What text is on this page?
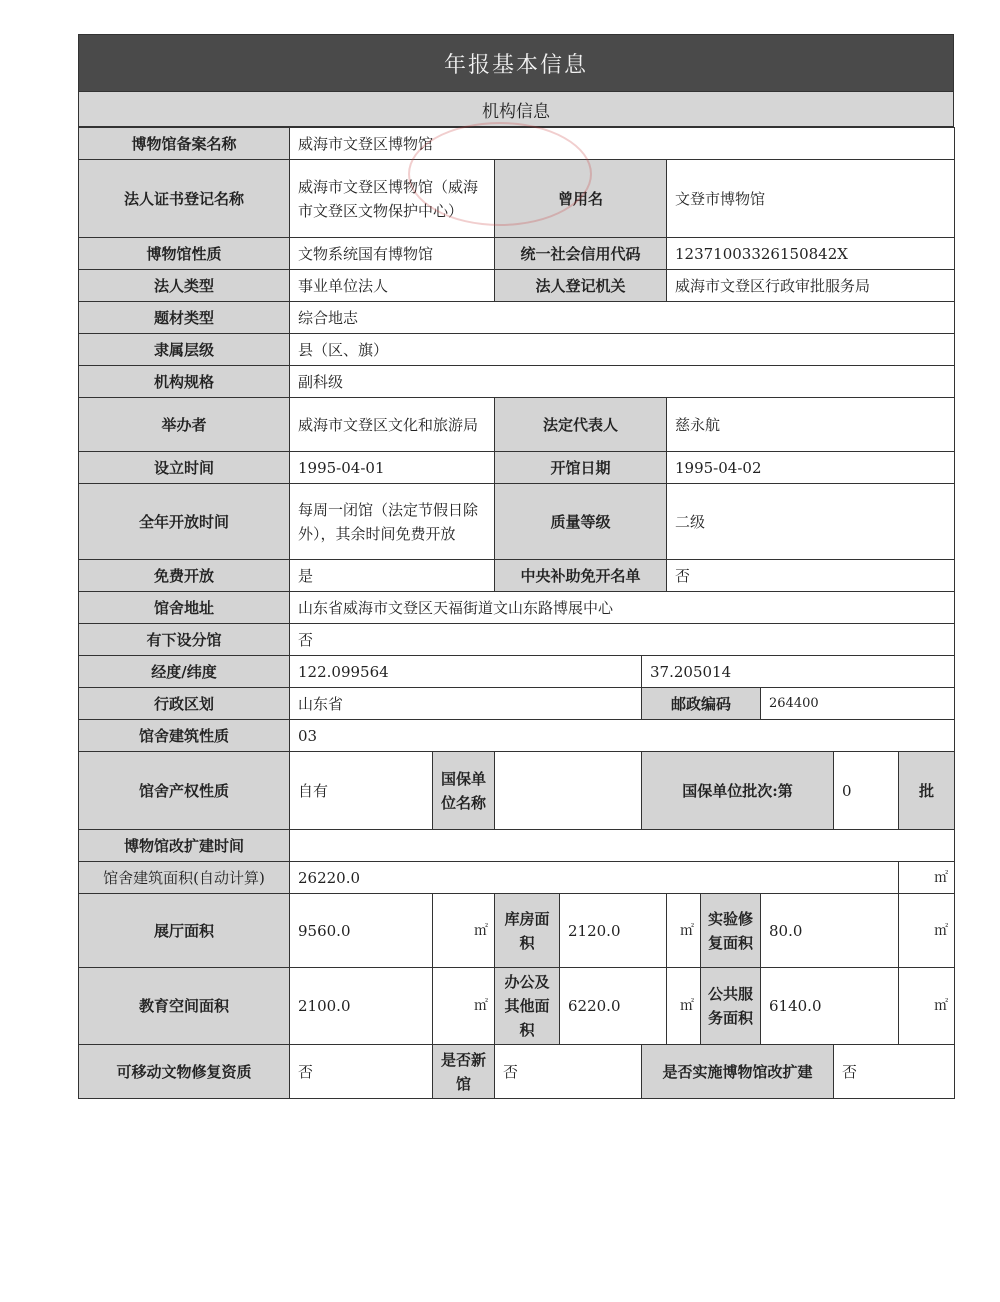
年报基本信息
机构信息
博物馆备案名称	威海市文登区博物馆									
法人证书登记名称	威海市文登区博物馆（威海市文登区文物保护中心）		曾用名			文登市博物馆				
博物馆性质	文物系统国有博物馆		统一社会信用代码			12371003326150842X				
法人类型	事业单位法人		法人登记机关			威海市文登区行政审批服务局				
题材类型	综合地志									
隶属层级	县（区、旗）									
机构规格	副科级									
举办者	威海市文登区文化和旅游局		法定代表人			慈永航				
设立时间	1995-04-01		开馆日期			1995-04-02				
全年开放时间	每周一闭馆（法定节假日除外），其余时间免费开放		质量等级			二级				
免费开放	是		中央补助免开名单			否				
馆舍地址	山东省威海市文登区天福街道文山东路博展中心									
有下设分馆	否									
经度/纬度	122.099564				37.205014					
行政区划	山东省				邮政编码			264400		
馆舍建筑性质	03									
馆舍产权性质	自有	国保单位名称			国保单位批次:第				0	批
博物馆改扩建时间										
馆舍建筑面积(自动计算)	26220.0									㎡
展厅面积	9560.0	㎡	库房面积	2120.0		㎡	实验修复面积	80.0		㎡
教育空间面积	2100.0	㎡	办公及其他面积	6220.0		㎡	公共服务面积	6140.0		㎡
可移动文物修复资质	否	是否新馆	否		是否实施博物馆改扩建				否	
